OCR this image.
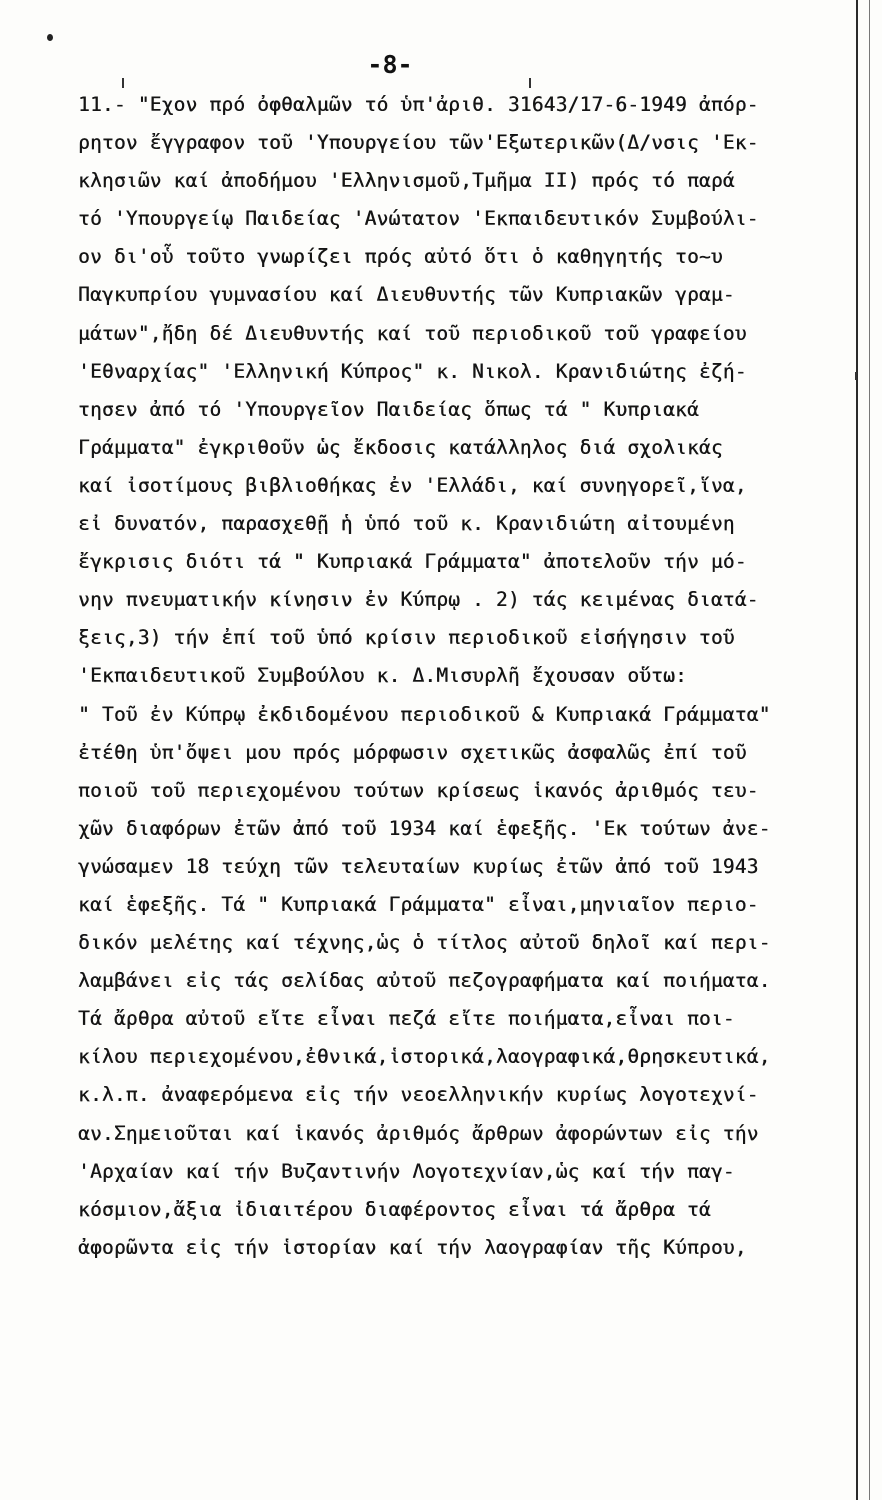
-8-
11.- "Εχον πρό ὀφθαλμῶν τό ὑπ'ἀριθ. 31643/17-6-1949 ἀπόρ-
ρητον ἔγγραφον τοῦ 'Υπουργείου τῶν'Εξωτερικῶν(Δ/νσις 'Εκ-
κλησιῶν καί ἀποδήμου 'Ελληνισμοῦ,Τμῆμα ΙΙ) πρός τό παρά
τό 'Υπουργείῳ Παιδείας 'Ανώτατον 'Εκπαιδευτικόν Συμβούλι-
ον δι'οὗ τοῦτο γνωρίζει πρός αὐτό ὅτι ὁ καθηγητής το~υ
Παγκυπρίου γυμνασίου καί Διευθυντής τῶν Κυπριακῶν γραμ-
μάτων",ἤδη δέ Διευθυντής καί τοῦ περιοδικοῦ τοῦ γραφείου
'Εθναρχίας" 'Ελληνική Κύπρος" κ. Νικολ. Κρανιδιώτης ἐζή-
τησεν ἀπό τό 'Υπουργεῖον Παιδείας ὅπως τά " Κυπριακά
Γράμματα" ἐγκριθοῦν ὡς ἔκδοσις κατάλληλος διά σχολικάς
καί ἰσοτίμους βιβλιοθήκας ἐν 'Ελλάδι, καί συνηγορεῖ,ἵνα,
εἰ δυνατόν, παρασχεθῇ ἡ ὑπό τοῦ κ. Κρανιδιώτη αἰτουμένη
ἔγκρισις διότι τά " Κυπριακά Γράμματα" ἀποτελοῦν τήν μό-
νην πνευματικήν κίνησιν ἐν Κύπρῳ . 2) τάς κειμένας διατά-
ξεις,3) τήν ἐπί τοῦ ὑπό κρίσιν περιοδικοῦ εἰσήγησιν τοῦ
'Εκπαιδευτικοῦ Συμβούλου κ. Δ.Μισυρλῆ ἔχουσαν οὕτω:
" Τοῦ ἐν Κύπρῳ ἐκδιδομένου περιοδικοῦ & Κυπριακά Γράμματα"
ἐτέθη ὑπ'ὄψει μου πρός μόρφωσιν σχετικῶς ἀσφαλῶς ἐπί τοῦ
ποιοῦ τοῦ περιεχομένου τούτων κρίσεως ἱκανός ἀριθμός τευ-
χῶν διαφόρων ἐτῶν ἀπό τοῦ 1934 καί ἑφεξῆς. 'Εκ τούτων ἀνε-
γνώσαμεν 18 τεύχη τῶν τελευταίων κυρίως ἐτῶν ἀπό τοῦ 1943
καί ἑφεξῆς. Τά " Κυπριακά Γράμματα" εἶναι,μηνιαῖον περιο-
δικόν μελέτης καί τέχνης,ὡς ὁ τίτλος αὐτοῦ δηλοῖ καί περι-
λαμβάνει εἰς τάς σελίδας αὐτοῦ πεζογραφήματα καί ποιήματα.
Τά ἄρθρα αὐτοῦ εἴτε εἶναι πεζά εἴτε ποιήματα,εἶναι ποι-
κίλου περιεχομένου,ἐθνικά,ἱστορικά,λαογραφικά,θρησκευτικά,
κ.λ.π. ἀναφερόμενα εἰς τήν νεοελληνικήν κυρίως λογοτεχνί-
αν.Σημειοῦται καί ἱκανός ἀριθμός ἄρθρων ἀφορώντων εἰς τήν
'Αρχαίαν καί τήν Βυζαντινήν Λογοτεχνίαν,ὡς καί τήν παγ-
κόσμιον,ἄξια ἰδιαιτέρου διαφέροντος εἶναι τά ἄρθρα τά
ἀφορῶντα εἰς τήν ἱστορίαν καί τήν λαογραφίαν τῆς Κύπρου,
